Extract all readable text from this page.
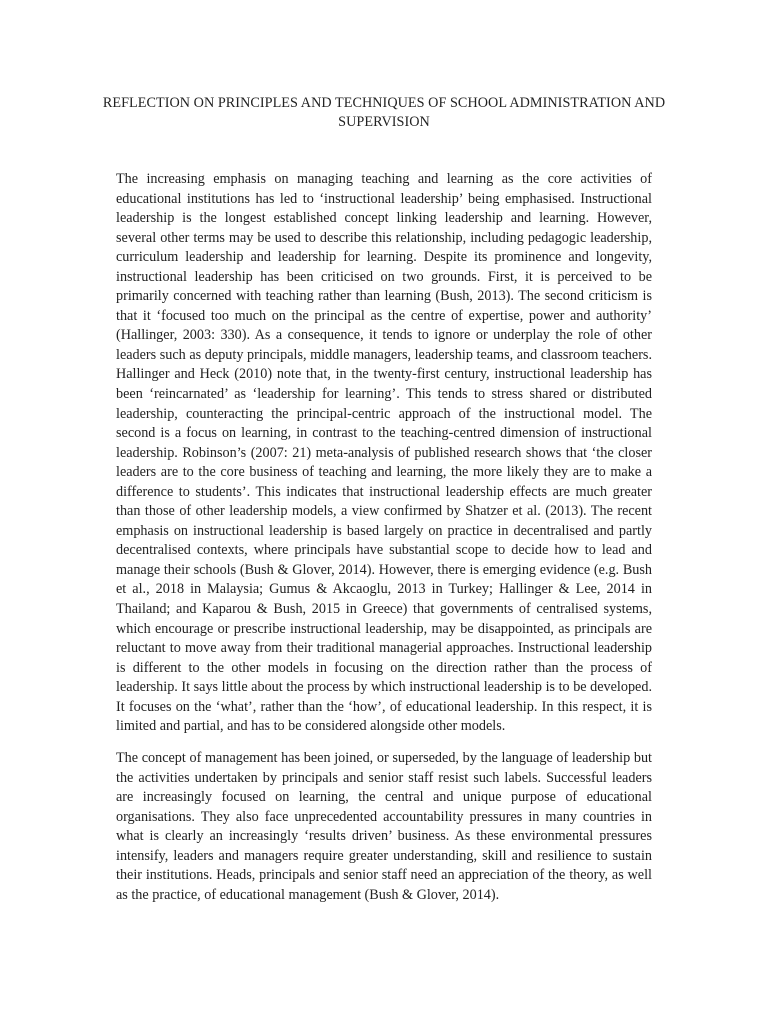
REFLECTION ON PRINCIPLES AND TECHNIQUES OF SCHOOL ADMINISTRATION AND SUPERVISION

The increasing emphasis on managing teaching and learning as the core activities of educational institutions has led to ‘instructional leadership’ being emphasised. Instructional leadership is the longest established concept linking leadership and learning. However, several other terms may be used to describe this relationship, including pedagogic leadership, curriculum leadership and leadership for learning. Despite its prominence and longevity, instructional leadership has been criticised on two grounds. First, it is perceived to be primarily concerned with teaching rather than learning (Bush, 2013). The second criticism is that it ‘focused too much on the principal as the centre of expertise, power and authority’ (Hallinger, 2003: 330). As a consequence, it tends to ignore or underplay the role of other leaders such as deputy principals, middle managers, leadership teams, and classroom teachers. Hallinger and Heck (2010) note that, in the twenty-first century, instructional leadership has been ‘reincarnated’ as ‘leadership for learning’. This tends to stress shared or distributed leadership, counteracting the principal-centric approach of the instructional model. The second is a focus on learning, in contrast to the teaching-centred dimension of instructional leadership. Robinson’s (2007: 21) meta-analysis of published research shows that ‘the closer leaders are to the core business of teaching and learning, the more likely they are to make a difference to students’. This indicates that instructional leadership effects are much greater than those of other leadership models, a view confirmed by Shatzer et al. (2013). The recent emphasis on instructional leadership is based largely on practice in decentralised and partly decentralised contexts, where principals have substantial scope to decide how to lead and manage their schools (Bush & Glover, 2014). However, there is emerging evidence (e.g. Bush et al., 2018 in Malaysia; Gumus & Akcaoglu, 2013 in Turkey; Hallinger & Lee, 2014 in Thailand; and Kaparou & Bush, 2015 in Greece) that governments of centralised systems, which encourage or prescribe instructional leadership, may be disappointed, as principals are reluctant to move away from their traditional managerial approaches. Instructional leadership is different to the other models in focusing on the direction rather than the process of leadership. It says little about the process by which instructional leadership is to be developed. It focuses on the ‘what’, rather than the ‘how’, of educational leadership. In this respect, it is limited and partial, and has to be considered alongside other models.

The concept of management has been joined, or superseded, by the language of leadership but the activities undertaken by principals and senior staff resist such labels. Successful leaders are increasingly focused on learning, the central and unique purpose of educational organisations. They also face unprecedented accountability pressures in many countries in what is clearly an increasingly ‘results driven’ business. As these environmental pressures intensify, leaders and managers require greater understanding, skill and resilience to sustain their institutions. Heads, principals and senior staff need an appreciation of the theory, as well as the practice, of educational management (Bush & Glover, 2014).
